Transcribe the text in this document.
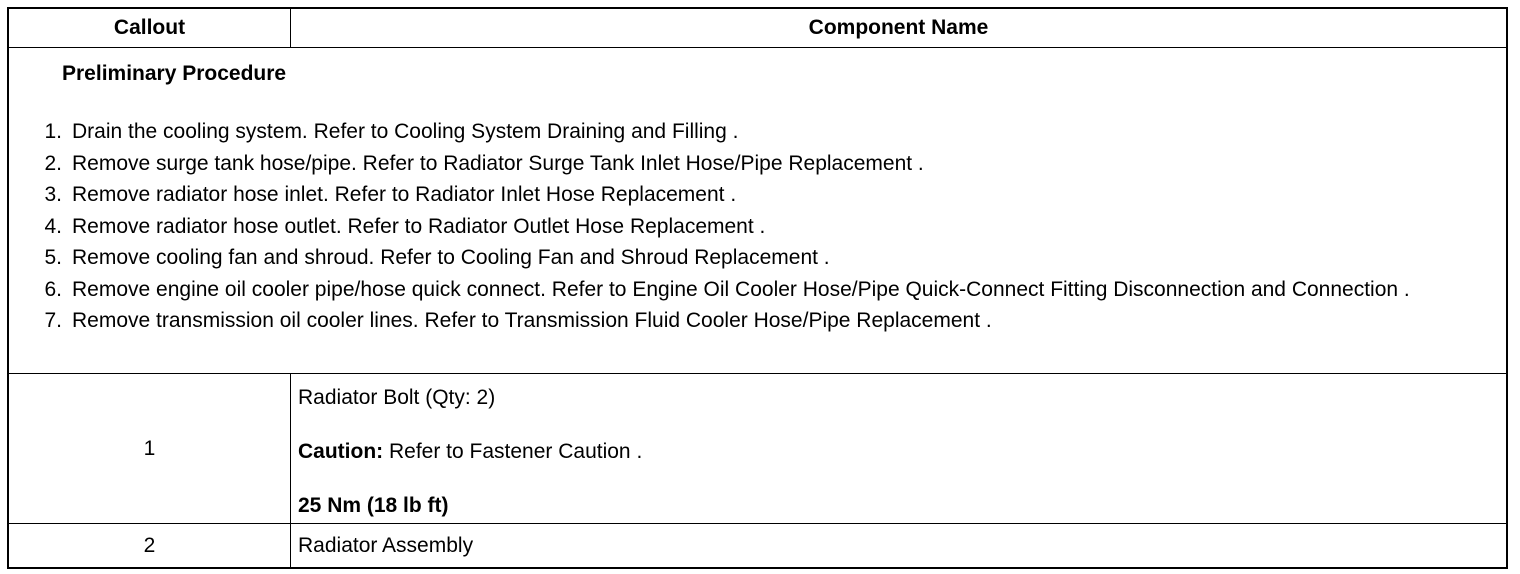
Callout	Component Name
Preliminary Procedure
1. Drain the cooling system. Refer to Cooling System Draining and Filling .
2. Remove surge tank hose/pipe. Refer to Radiator Surge Tank Inlet Hose/Pipe Replacement .
3. Remove radiator hose inlet. Refer to Radiator Inlet Hose Replacement .
4. Remove radiator hose outlet. Refer to Radiator Outlet Hose Replacement .
5. Remove cooling fan and shroud. Refer to Cooling Fan and Shroud Replacement .
6. Remove engine oil cooler pipe/hose quick connect. Refer to Engine Oil Cooler Hose/Pipe Quick-Connect Fitting Disconnection and Connection .
7. Remove transmission oil cooler lines. Refer to Transmission Fluid Cooler Hose/Pipe Replacement .
1
Radiator Bolt (Qty: 2)
Caution: Refer to Fastener Caution .
25 Nm (18 lb ft)
2	Radiator Assembly
